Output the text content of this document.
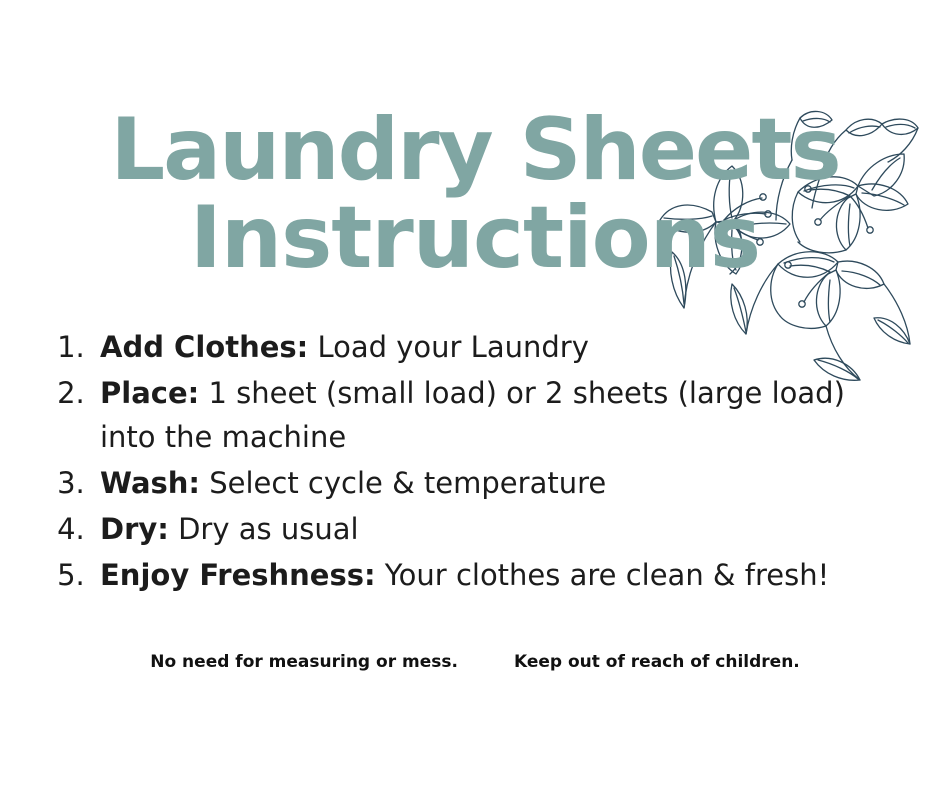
Laundry Sheets
Instructions
1. Add Clothes: Load your Laundry
2. Place: 1 sheet (small load) or 2 sheets (large load) into the machine
3. Wash: Select cycle & temperature
4. Dry: Dry as usual
5. Enjoy Freshness: Your clothes are clean & fresh!
No need for measuring or mess.	Keep out of reach of children.
